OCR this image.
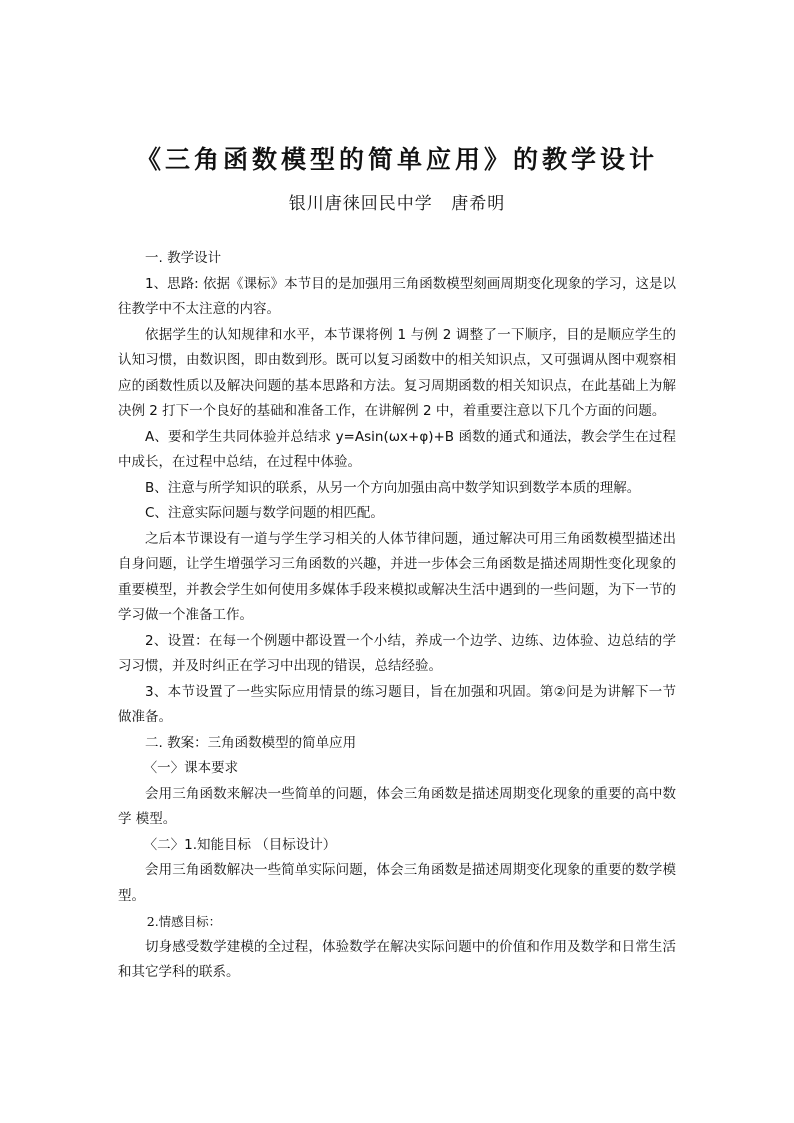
《三角函数模型的简单应用》的教学设计
银川唐徕回民中学 唐希明

一. 教学设计

1、思路: 依据《课标》本节目的是加强用三角函数模型刻画周期变化现象的学习，这是以往教学中不太注意的内容。

依据学生的认知规律和水平，本节课将例 1 与例 2 调整了一下顺序，目的是顺应学生的认知习惯，由数识图，即由数到形。既可以复习函数中的相关知识点，又可强调从图中观察相应的函数性质以及解决问题的基本思路和方法。复习周期函数的相关知识点，在此基础上为解决例 2 打下一个良好的基础和准备工作，在讲解例 2 中，着重要注意以下几个方面的问题。

A、要和学生共同体验并总结求 y=Asin(ωx+φ)+B 函数的通式和通法，教会学生在过程中成长，在过程中总结，在过程中体验。

B、注意与所学知识的联系，从另一个方向加强由高中数学知识到数学本质的理解。

C、注意实际问题与数学问题的相匹配。

之后本节课设有一道与学生学习相关的人体节律问题，通过解决可用三角函数模型描述出自身问题，让学生增强学习三角函数的兴趣，并进一步体会三角函数是描述周期性变化现象的重要模型，并教会学生如何使用多媒体手段来模拟或解决生活中遇到的一些问题，为下一节的学习做一个准备工作。

2、设置：在每一个例题中都设置一个小结，养成一个边学、边练、边体验、边总结的学习习惯，并及时纠正在学习中出现的错误，总结经验。

3、本节设置了一些实际应用情景的练习题目，旨在加强和巩固。第②问是为讲解下一节做准备。

二. 教案：三角函数模型的简单应用

〈一〉课本要求

会用三角函数来解决一些简单的问题，体会三角函数是描述周期变化现象的重要的高中数学 模型。

〈二〉1.知能目标 （目标设计）

会用三角函数解决一些简单实际问题，体会三角函数是描述周期变化现象的重要的数学模型。

2.情感目标：

切身感受数学建模的全过程，体验数学在解决实际问题中的价值和作用及数学和日常生活和其它学科的联系。
